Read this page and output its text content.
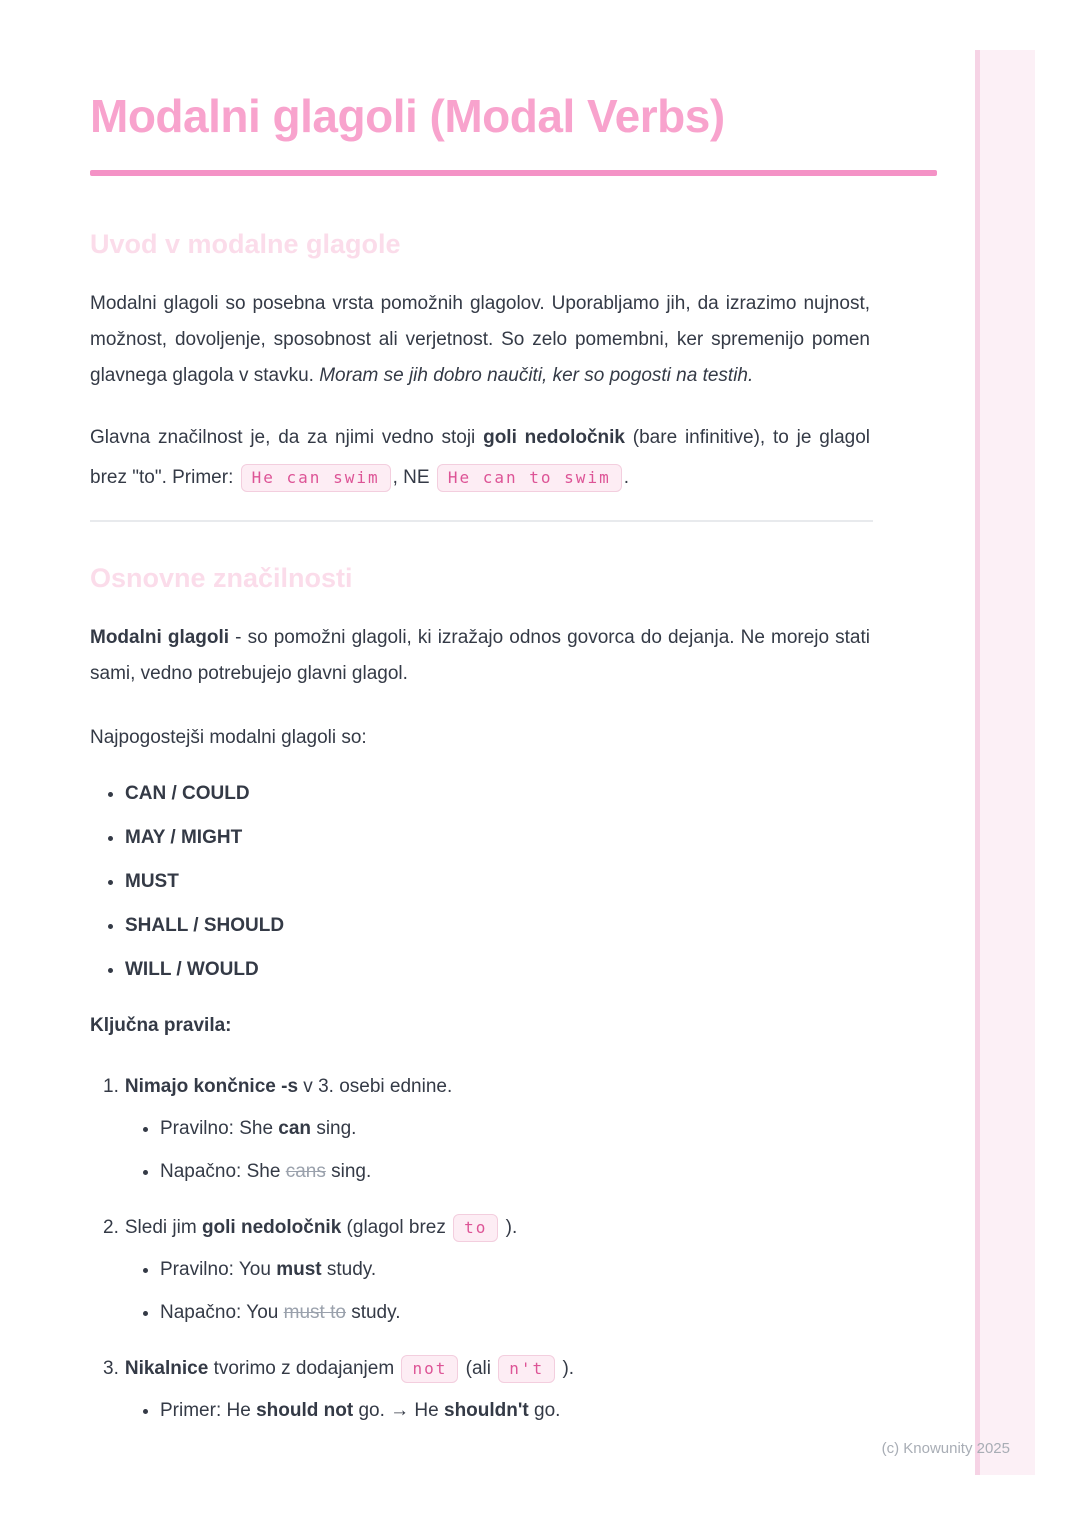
Modalni glagoli (Modal Verbs)
Uvod v modalne glagole

Modalni glagoli so posebna vrsta pomožnih glagolov. Uporabljamo jih, da izrazimo nujnost, možnost, dovoljenje, sposobnost ali verjetnost. So zelo pomembni, ker spremenijo pomen glavnega glagola v stavku. Moram se jih dobro naučiti, ker so pogosti na testih.

Glavna značilnost je, da za njimi vedno stoji goli nedoločnik (bare infinitive), to je glagol brez "to". Primer: He can swim , NE He can to swim .

Osnovne značilnosti

Modalni glagoli - so pomožni glagoli, ki izražajo odnos govorca do dejanja. Ne morejo stati sami, vedno potrebujejo glavni glagol.

Najpogostejši modalni glagoli so:

• CAN / COULD
• MAY / MIGHT
• MUST
• SHALL / SHOULD
• WILL / WOULD

Ključna pravila:

1. Nimajo končnice -s v 3. osebi ednine.
• Pravilno: She can sing.
• Napačno: She cans sing.
2. Sledi jim goli nedoločnik (glagol brez to ).
• Pravilno: You must study.
• Napačno: You must to study.
3. Nikalnice tvorimo z dodajanjem not (ali n't ).
• Primer: He should not go. → He shouldn't go.
(c) Knowunity 2025
